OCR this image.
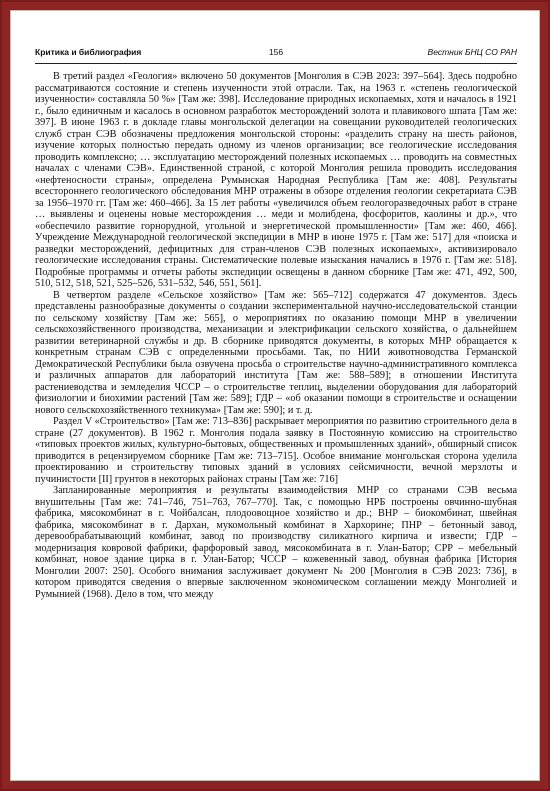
Критика и библиография	156	Вестник БНЦ СО РАН

В третий раздел «Геология» включено 50 документов [Монголия в СЭВ 2023: 397–564]. Здесь подробно рассматриваются состояние и степень изученности этой отрасли. Так, на 1963 г. «степень геологической изученности» составляла 50 %» [Там же: 398]. Исследование природных ископаемых, хотя и началось в 1921 г., было единичным и касалось в основном разработок месторождений золота и плавикового шпата [Там же: 397]. В июне 1963 г. в докладе главы монгольской делегации на совещании руководителей геологических служб стран СЭВ обозначены предложения монгольской стороны: «разделить страну на шесть районов, изучение которых полностью передать одному из членов организации; все геологические исследования проводить комплексно; … эксплуатацию месторождений полезных ископаемых … проводить на совместных началах с членами СЭВ». Единственной страной, с которой Монголия решила проводить исследования «нефтеносности страны», определена Румынская Народная Республика [Там же: 408]. Результаты всестороннего геологического обследования МНР отражены в обзоре отделения геологии секретариата СЭВ за 1956–1970 гг. [Там же: 460–466]. За 15 лет работы «увеличился объем геологоразведочных работ в стране … выявлены и оценены новые месторождения … меди и молибдена, фосфоритов, каолины и др.», что «обеспечило развитие горнорудной, угольной и энергетической промышленности» [Там же: 460, 466]. Учреждение Международной геологической экспедиции в МНР в июне 1975 г. [Там же: 517] для «поиска и разведки месторождений, дефицитных для стран-членов СЭВ полезных ископаемых», активизировало геологические исследования страны. Систематические полевые изыскания начались в 1976 г. [Там же: 518]. Подробные программы и отчеты работы экспедиции освещены в данном сборнике [Там же: 471, 492, 500, 510, 512, 518, 521, 525–526, 531–532, 546, 551, 561].

В четвертом разделе «Сельское хозяйство» [Там же: 565–712] содержатся 47 документов. Здесь представлены разнообразные документы о создании экспериментальной научно-исследовательской станции по сельскому хозяйству [Там же: 565], о мероприятиях по оказанию помощи МНР в увеличении сельскохозяйственного производства, механизации и электрификации сельского хозяйства, о дальнейшем развитии ветеринарной службы и др. В сборнике приводятся документы, в которых МНР обращается к конкретным странам СЭВ с определенными просьбами. Так, по НИИ животноводства Германской Демократической Республики была озвучена просьба о строительстве научно-административного комплекса и различных аппаратов для лабораторий института [Там же: 588–589]; в отношении Института растениеводства и земледелия ЧССР – о строительстве теплиц, выделении оборудования для лабораторий физиологии и биохимии растений [Там же: 589]; ГДР – «об оказании помощи в строительстве и оснащении нового сельскохозяйственного техникума» [Там же: 590]; и т. д.

Раздел V «Строительство» [Там же: 713–836] раскрывает мероприятия по развитию строительного дела в стране (27 документов). В 1962 г. Монголия подала заявку в Постоянную комиссию на строительство «типовых проектов жилых, культурно-бытовых, общественных и промышленных зданий», обширный список приводится в рецензируемом сборнике [Там же: 713–715]. Особое внимание монгольская сторона уделила проектированию и строительству типовых зданий в условиях сейсмичности, вечной мерзлоты и пучинистости [II] грунтов в некоторых районах страны [Там же: 716]

Запланированные мероприятия и результаты взаимодействия МНР со странами СЭВ весьма внушительны [Там же: 741–746, 751–763, 767–770]. Так, с помощью НРБ построены овчинно-шубная фабрика, мясокомбинат в г. Чойбалсан, плодоовощное хозяйство и др.; ВНР – биокомбинат, швейная фабрика, мясокомбинат в г. Дархан, мукомольный комбинат в Хархорине; ПНР – бетонный завод, деревообрабатывающий комбинат, завод по производству силикатного кирпича и извести; ГДР – модернизация ковровой фабрики, фарфоровый завод, мясокомбината в г. Улан-Батор; СРР – мебельный комбинат, новое здание цирка в г. Улан-Батор; ЧССР – кожевенный завод, обувная фабрика [История Монголии 2007: 250]. Особого внимания заслуживает документ № 200 [Монголия в СЭВ 2023: 736], в котором приводятся сведения о впервые заключенном экономическом соглашении между Монголией и Румынией (1968). Дело в том, что между
